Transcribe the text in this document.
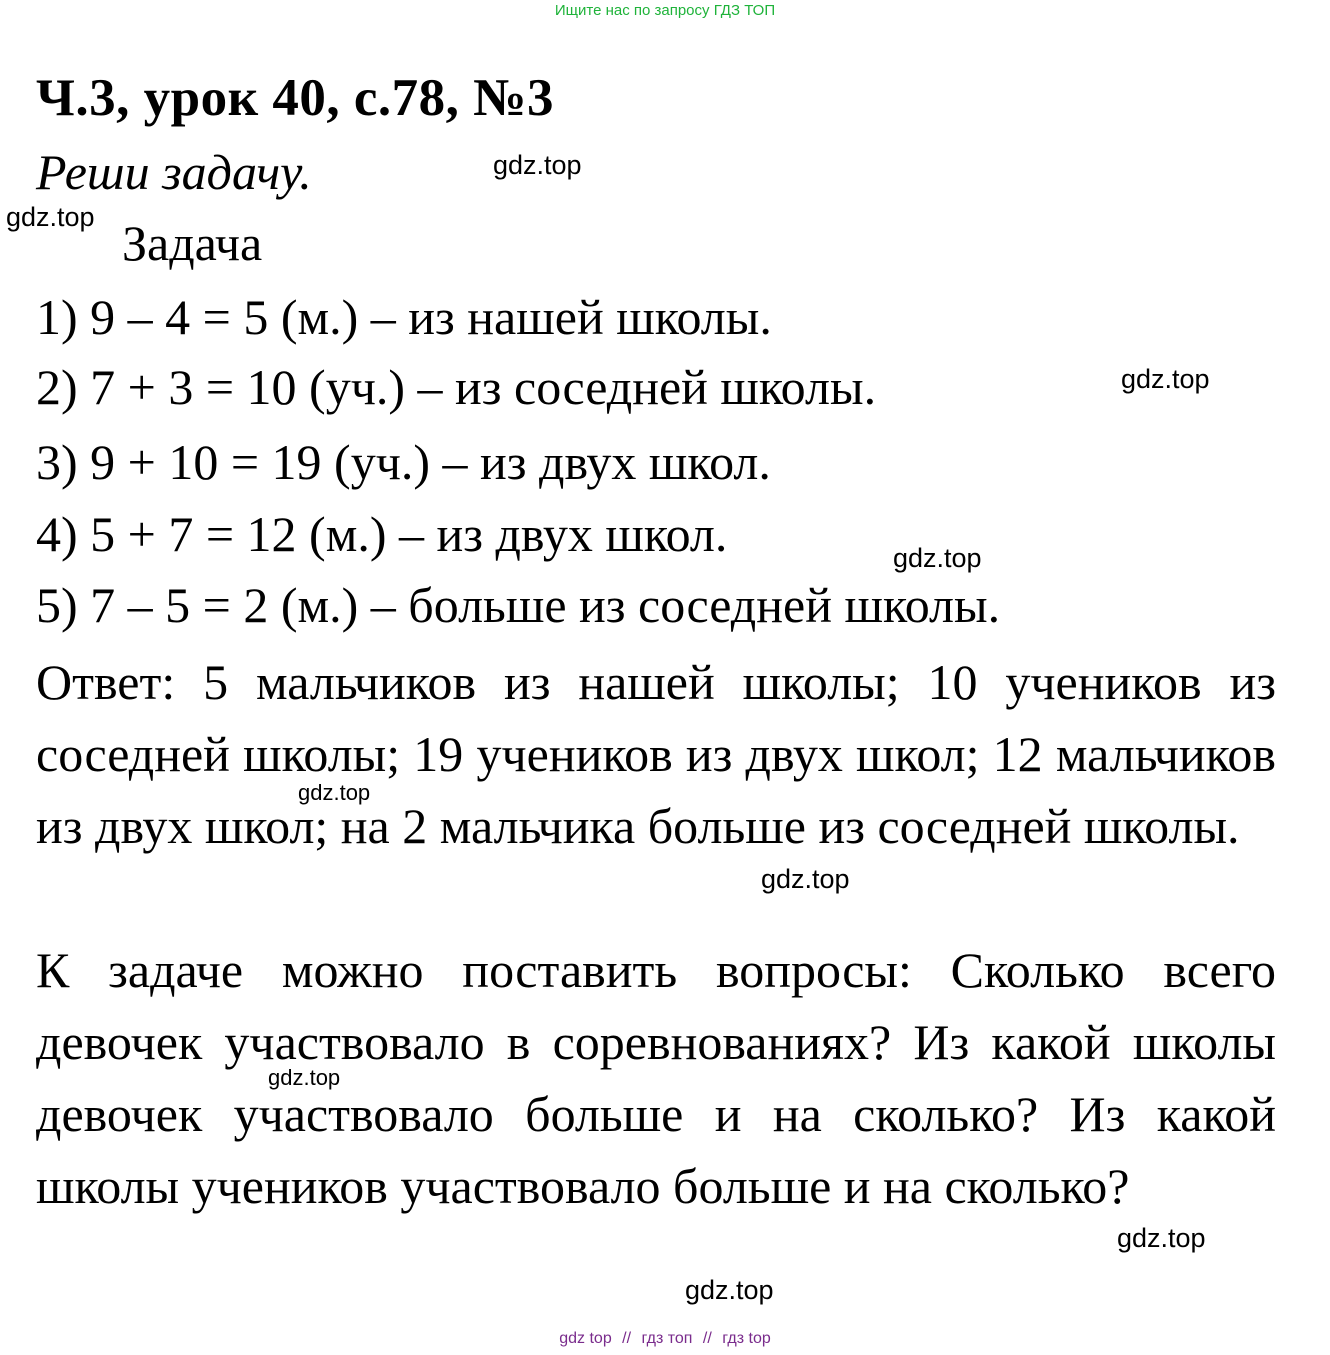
Ищите нас по запросу ГДЗ ТОП
Ч.3, урок 40, с.78, №3
Реши задачу.
Задача
1) 9 – 4 = 5 (м.) – из нашей школы.
2) 7 + 3 = 10 (уч.) – из соседней школы.
3) 9 + 10 = 19 (уч.) – из двух школ.
4) 5 + 7 = 12 (м.) – из двух школ.
5) 7 – 5 = 2 (м.) – больше из соседней школы.
Ответ: 5 мальчиков из нашей школы; 10 учеников из соседней школы; 19 учеников из двух школ; 12 мальчиков из двух школ; на 2 мальчика больше из соседней школы.
К задаче можно поставить вопросы: Сколько всего девочек участвовало в соревнованиях? Из какой школы девочек участвовало больше и на сколько? Из какой школы учеников участвовало больше и на сколько?
gdz.top
gdz.top
gdz.top
gdz.top
gdz.top
gdz.top
gdz.top
gdz.top
gdz.top
gdz top // гдз топ // гдз top
